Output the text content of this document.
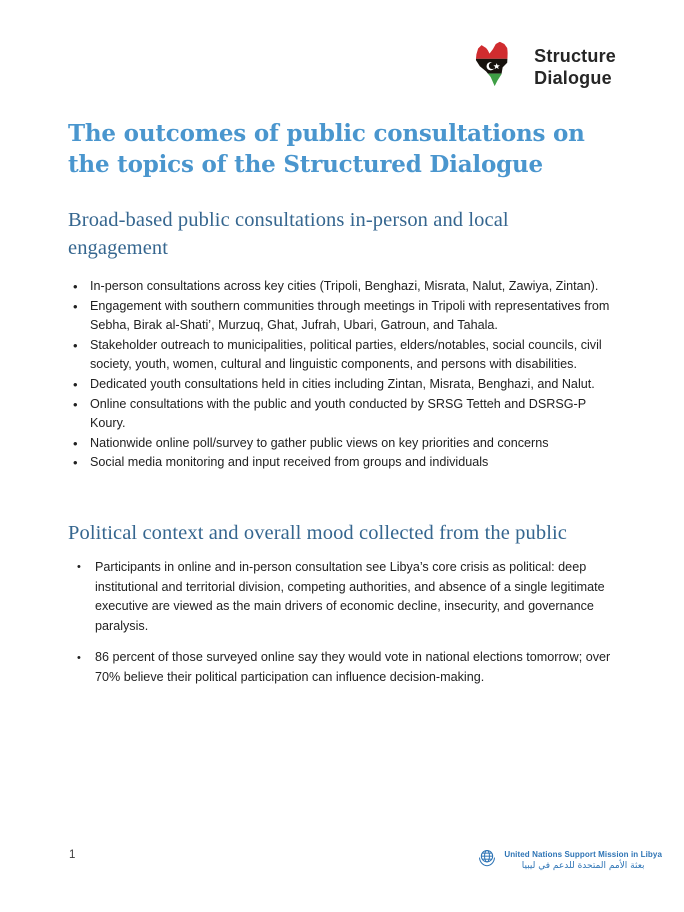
Structure
Dialogue
The outcomes of public consultations on
the topics of the Structured Dialogue
Broad-based public consultations in-person and local
engagement
• In-person consultations across key cities (Tripoli, Benghazi, Misrata, Nalut, Zawiya, Zintan).
• Engagement with southern communities through meetings in Tripoli with representatives from Sebha, Birak al-Shati’, Murzuq, Ghat, Jufrah, Ubari, Gatroun, and Tahala.
• Stakeholder outreach to municipalities, political parties, elders/notables, social councils, civil society, youth, women, cultural and linguistic components, and persons with disabilities.
• Dedicated youth consultations held in cities including Zintan, Misrata, Benghazi, and Nalut.
• Online consultations with the public and youth conducted by SRSG Tetteh and DSRSG-P Koury.
• Nationwide online poll/survey to gather public views on key priorities and concerns
• Social media monitoring and input received from groups and individuals
Political context and overall mood collected from the public
• Participants in online and in-person consultation see Libya’s core crisis as political: deep institutional and territorial division, competing authorities, and absence of a single legitimate executive are viewed as the main drivers of economic decline, insecurity, and governance paralysis.
• 86 percent of those surveyed online say they would vote in national elections tomorrow; over 70% believe their political participation can influence decision-making.
1	United Nations Support Mission in Libya
بعثة الأمم المتحدة للدعم في ليبيا
